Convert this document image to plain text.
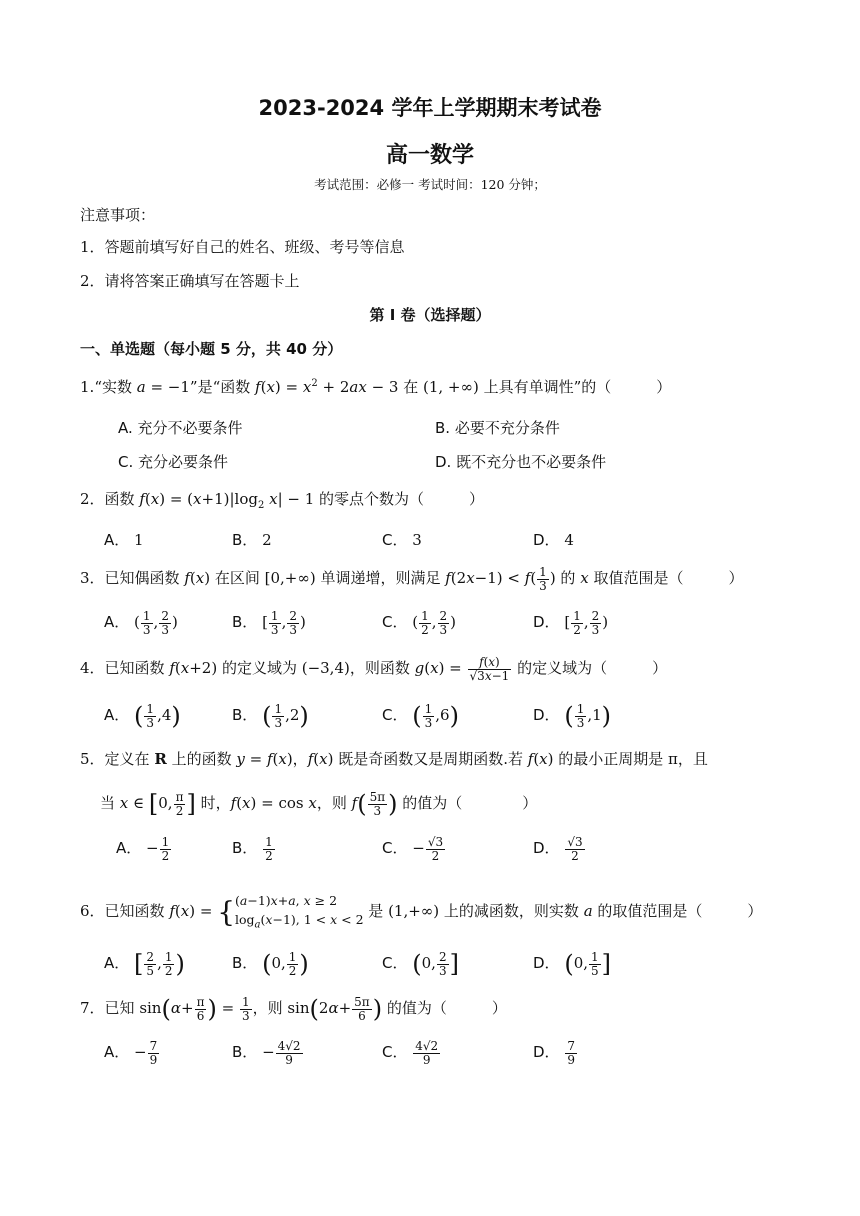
2023-2024 学年上学期期末考试卷
高一数学
考试范围：必修一 考试时间：120 分钟；
注意事项：
1．答题前填写好自己的姓名、班级、考号等信息
2．请将答案正确填写在答题卡上
第 I 卷（选择题）
一、单选题（每小题 5 分，共 40 分）
1.“实数 a = −1”是“函数 $f(x) = x^2 + 2ax - 3$ 在 (1, +∞) 上具有单调性”的（　　　）
A. 充分不必要条件	B. 必要不充分条件
C. 充分必要条件	D. 既不充分也不必要条件
2．函数 $f(x) = (x+1)|\log_2$ x| − 1 的零点个数为（　　　）
A． 1	B． 2	C． 3	D． 4
3．已知偶函数 f(x) 在区间 [0,+∞) 单调递增，则满足 $f(2x-1) < f( \frac{1}{3}$ ) 的 x 取值范围是（　　　）
A． ( $\frac{1}{3}$ , $\frac{2}{3}$ )	B． [ $\frac{1}{3}$ , $\frac{2}{3}$ )	C． ( $\frac{1}{2}$ , $\frac{2}{3}$ )	D． [ $\frac{1}{2}$ , $\frac{2}{3}$ )
4．已知函数 f(x+2) 的定义域为 (−3,4)，则函数 $g(x) = \frac{f(x)}{√3x-1}$ 的定义域为（　　　）
A． ( $\frac{1}{3} ,4$)	B． ( $\frac{1}{3} ,2$)	C． ( $\frac{1}{3} ,6$)	D． ( $\frac{1}{3} ,1$)
5．定义在 R 上的函数 y = f(x)，f(x) 既是奇函数又是周期函数.若 f(x) 的最小正周期是 π，且
当 x ∈ [0, $\frac{\pi}{2}$ ] 时，f(x) = cos x，则 $f( \frac{5\pi}{3}$ ) 的值为（　　　　）
A． − $\frac{1}{2}$	B． $\frac{1}{2}$	C． − $\frac{√3}{2}$	D． $\frac{√3}{2}$
6．已知函数 f(x) = { (a−1)x+a, x ≥ 2
$\log_a(x-1)$, 1 < x < 2 是 (1,+∞) 上的减函数，则实数 a 的取值范围是（　　　）
A． [ $\frac{2}{5}$ , $\frac{1}{2}$ )	B． (0, $\frac{1}{2}$ )	C． (0, $\frac{2}{3}$ ]	D． (0, $\frac{1}{5}$ ]
7．已知 $\sin(\alpha+ \frac{\pi}{6}$ ) = $\frac{1}{3}$ ，则 $\sin(2\alpha+ \frac{5\pi}{6}$ ) 的值为（　　　）
A． − $\frac{7}{9}$	B． − $\frac{4√2}{9}$	C． $\frac{4√2}{9}$	D． $\frac{7}{9}$
